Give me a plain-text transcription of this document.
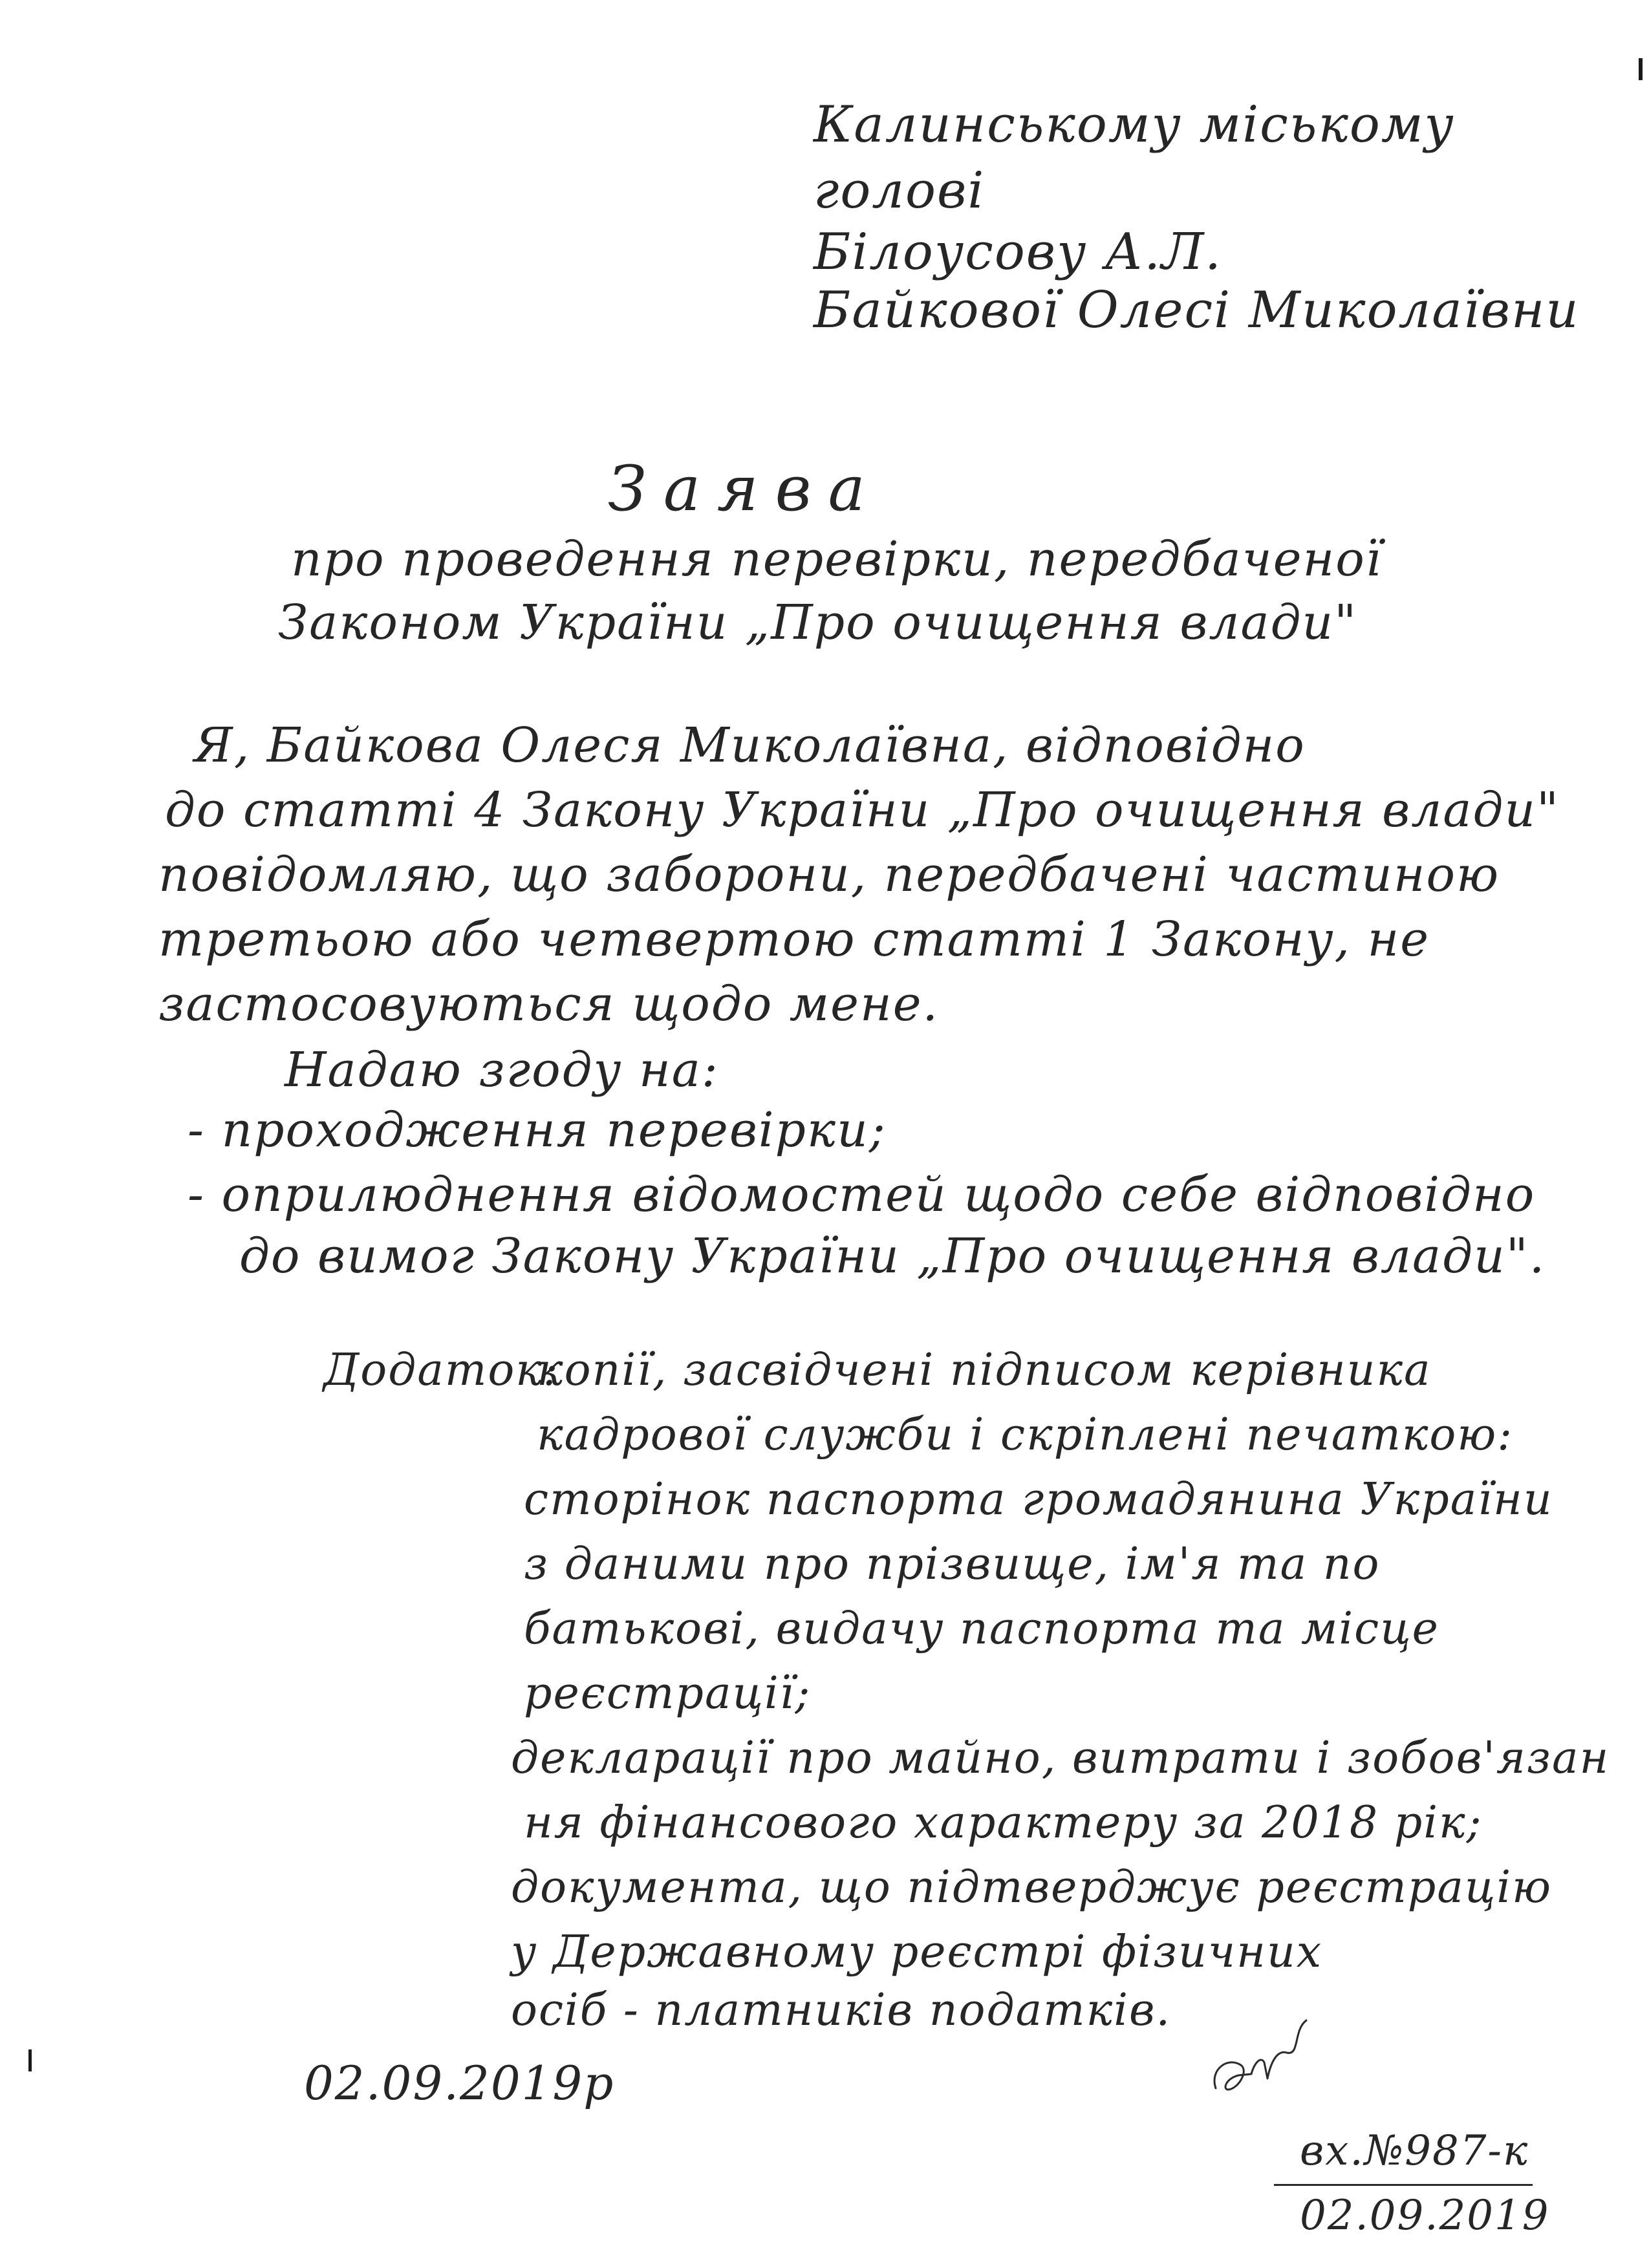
Калинському міському
голові
Білоусову А.Л.
Байкової Олесі Миколаївни
Заява
про проведення перевірки, передбаченої
Законом України „Про очищення влади"
Я, Байкова Олеся Миколаївна, відповідно
до статті 4 Закону України „Про очищення влади"
повідомляю, що заборони, передбачені частиною
третьою або четвертою статті 1 Закону, не
застосовуються щодо мене.
Надаю згоду на:
- проходження перевірки;
- оприлюднення відомостей щодо себе відповідно
до вимог Закону України „Про очищення влади".
Додаток:
копії, засвідчені підписом керівника
кадрової служби і скріплені печаткою:
сторінок паспорта громадянина України
з даними про прізвище, ім'я та по
батькові, видачу паспорта та місце
реєстрації;
декларації про майно, витрати і зобов'язан
ня фінансового характеру за 2018 рік;
документа, що підтверджує реєстрацію
у Державному реєстрі фізичних
осіб - платників податків.
02.09.2019р
вх.№987-к
02.09.2019
